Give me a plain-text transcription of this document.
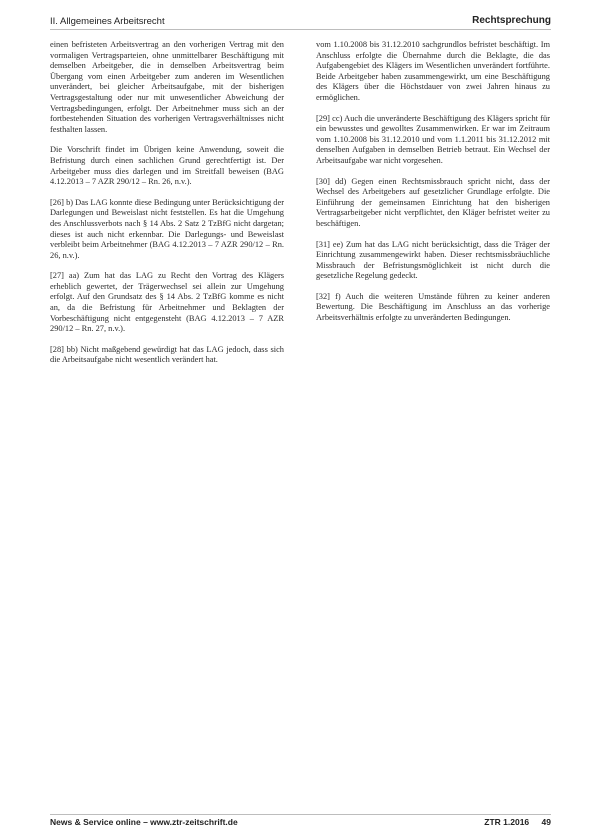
II. Allgemeines Arbeitsrecht	Rechtsprechung

einen befristeten Arbeitsvertrag an den vorherigen Vertrag mit den vormaligen Vertragsparteien, ohne unmittelbarer Beschäftigung mit demselben Arbeitgeber, die in demselben Arbeitsvertrag beim Übergang vom einen Arbeitgeber zum anderen im Wesentlichen unverändert, bei gleicher Arbeitsaufgabe, mit der bisherigen Vertragsgestaltung oder nur mit unwesentlicher Abweichung der Vertragsbedingungen, erfolgt. Der Arbeitnehmer muss sich an der fortbestehenden Situation des vorherigen Vertragsverhältnisses nicht festhalten lassen.

Die Vorschrift findet im Übrigen keine Anwendung, soweit die Befristung durch einen sachlichen Grund gerechtfertigt ist. Der Arbeitgeber muss dies darlegen und im Streitfall beweisen (BAG 4.12.2013 – 7 AZR 290/12 – Rn. 26, n.v.).

[26] b) Das LAG konnte diese Bedingung unter Berücksichtigung der Darlegungen und Beweislast nicht feststellen. Es hat die Umgehung des Anschlussverbots nach § 14 Abs. 2 Satz 2 TzBfG nicht dargetan; dieses ist auch nicht erkennbar. Die Darlegungs- und Beweislast verbleibt beim Arbeitnehmer (BAG 4.12.2013 – 7 AZR 290/12 – Rn. 26, n.v.).

[27] aa) Zum hat das LAG zu Recht den Vortrag des Klägers erheblich gewertet, der Trägerwechsel sei allein zur Umgehung erfolgt. Auf den Grundsatz des § 14 Abs. 2 TzBfG komme es nicht an, da die Befristung für Arbeitnehmer und Beklagten der Vorbeschäftigung nicht entgegensteht (BAG 4.12.2013 – 7 AZR 290/12 – Rn. 27, n.v.).

[28] bb) Nicht maßgebend gewürdigt hat das LAG jedoch, dass sich die Arbeitsaufgabe nicht wesentlich verändert hat.

vom 1.10.2008 bis 31.12.2010 sachgrundlos befristet beschäftigt. Im Anschluss erfolgte die Übernahme durch die Beklagte, die das Aufgabengebiet des Klägers im Wesentlichen unverändert fortführte. Beide Arbeitgeber haben zusammengewirkt, um eine Beschäftigung des Klägers über die Höchstdauer von zwei Jahren hinaus zu ermöglichen.

[29] cc) Auch die unveränderte Beschäftigung des Klägers spricht für ein bewusstes und gewolltes Zusammenwirken. Er war im Zeitraum vom 1.10.2008 bis 31.12.2010 und vom 1.1.2011 bis 31.12.2012 mit denselben Aufgaben in demselben Betrieb betraut. Ein Wechsel der Arbeitsaufgabe war nicht vorgesehen.

[30] dd) Gegen einen Rechtsmissbrauch spricht nicht, dass der Wechsel des Arbeitgebers auf gesetzlicher Grundlage erfolgte. Die Einführung der gemeinsamen Einrichtung hat den bisherigen Vertragsarbeitgeber nicht verpflichtet, den Kläger befristet weiter zu beschäftigen.

[31] ee) Zum hat das LAG nicht berücksichtigt, dass die Träger der Einrichtung zusammengewirkt haben. Dieser rechtsmissbräuchliche Missbrauch der Befristungsmöglichkeit ist nicht durch die gesetzliche Regelung gedeckt.

[32] f) Auch die weiteren Umstände führen zu keiner anderen Bewertung. Die Beschäftigung im Anschluss an das vorherige Arbeitsverhältnis erfolgte zu unveränderten Bedingungen.

News & Service online – www.ztr-zeitschrift.de	ZTR 1.2016 49
